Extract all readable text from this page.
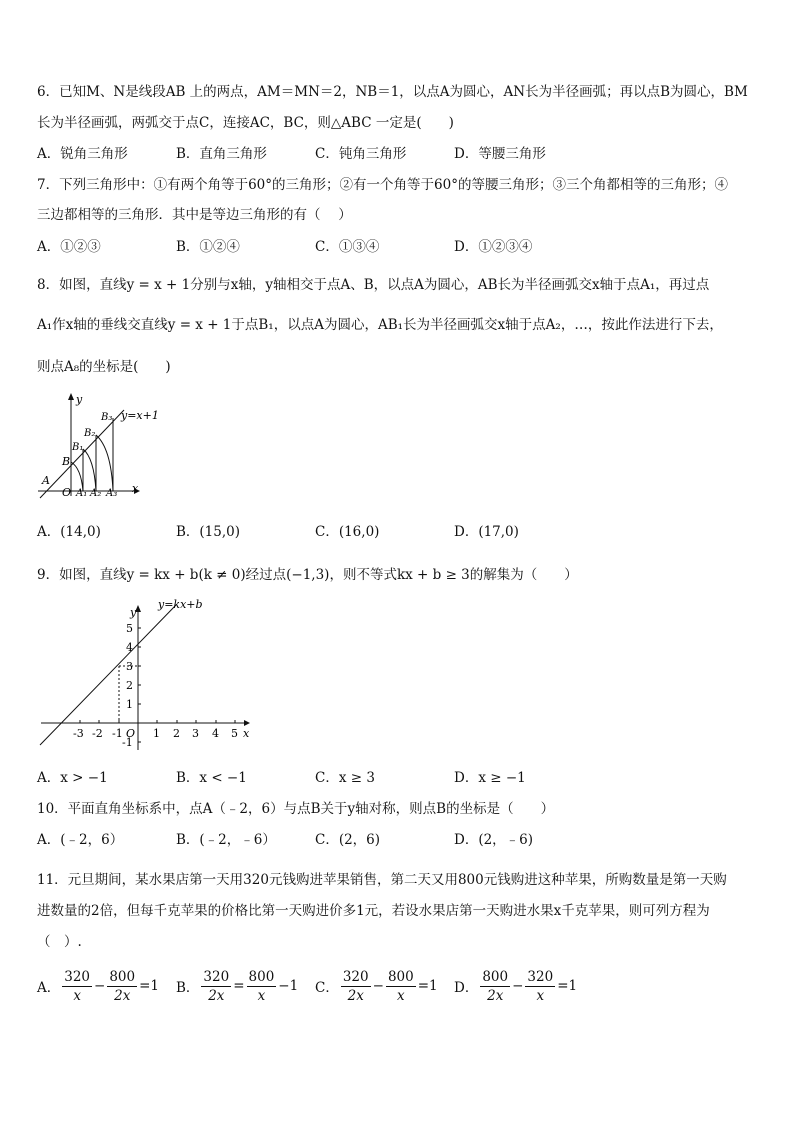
6．已知M、N是线段AB 上的两点，AM＝MN＝2，NB＝1，以点A为圆心，AN长为半径画弧；再以点B为圆心，BM
长为半径画弧，两弧交于点C，连接AC，BC，则△ABC 一定是(　　)
A．锐角三角形	B．直角三角形	C．钝角三角形	D．等腰三角形
7．下列三角形中：①有两个角等于60°的三角形；②有一个角等于60°的等腰三角形；③三个角都相等的三角形；④
三边都相等的三角形．其中是等边三角形的有（　 ）
A．①②③	B．①②④	C．①③④	D．①②③④
8．如图，直线y = x + 1分别与x轴，y轴相交于点A、B，以点A为圆心，AB长为半径画弧交x轴于点A₁，再过点
A₁作x轴的垂线交直线y = x + 1于点B₁，以点A为圆心，AB₁长为半径画弧交x轴于点A₂，…，按此作法进行下去，
则点A₈的坐标是(　　)
y
x
y=x+1
A
O A₁ A₂ A₃
B
B₁
B₂
B₃
A．(14,0)	B．(15,0)	C．(16,0)	D．(17,0)
9．如图，直线y = kx + b(k ≠ 0)经过点(−1,3)，则不等式kx + b ≥ 3的解集为（　　）
y=kx+b
y
x
O
-3 -2 -1	1 2 3 4 5
5
4
3
2
1
-1
A．x > −1	B．x < −1	C．x ≥ 3	D．x ≥ −1
10．平面直角坐标系中，点A（﹣2，6）与点B关于y轴对称，则点B的坐标是（　　）
A．(﹣2，6）	B．(﹣2，﹣6）	C．(2，6)	D．(2，﹣6)
11．元旦期间，某水果店第一天用320元钱购进苹果销售，第二天又用800元钱购进这种苹果，所购数量是第一天购
进数量的2倍，但每千克苹果的价格比第一天购进价多1元，若设水果店第一天购进水果x千克苹果，则可列方程为
（　）.
A． $\frac{320}{x} - \frac{800}{2x} =1$ B． $\frac{320}{2x} = \frac{800}{x} -1$ C． $\frac{320}{2x} - \frac{800}{x} =1$ D． $\frac{800}{2x} - \frac{320}{x} =1$
